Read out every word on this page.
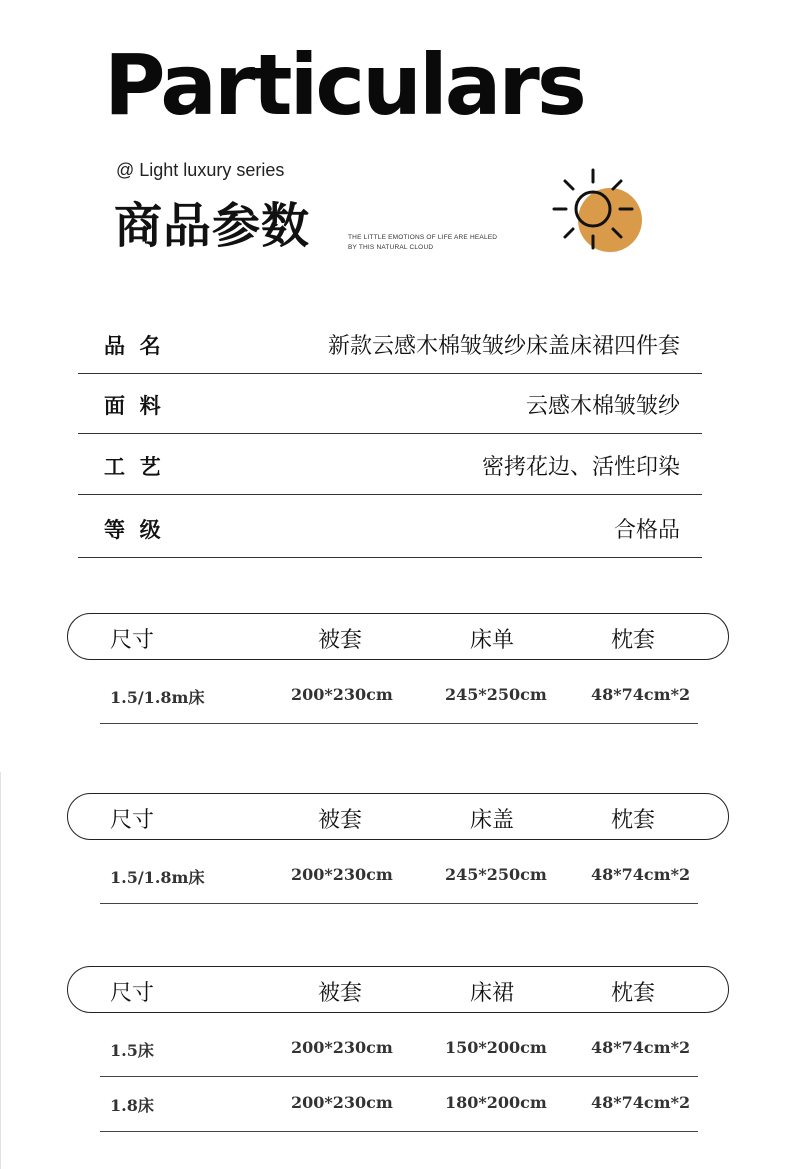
Particulars
@ Light luxury series
商品参数	THE LITTLE EMOTIONS OF LIFE ARE HEALED
BY THIS NATURAL CLOUD
品  名	新款云感木棉皱皱纱床盖床裙四件套
面  料	云感木棉皱皱纱
工  艺	密拷花边、活性印染
等  级	合格品
尺寸	被套	床单	枕套
1.5/1.8m床	200*230cm	245*250cm	48*74cm*2
尺寸	被套	床盖	枕套
1.5/1.8m床	200*230cm	245*250cm	48*74cm*2
尺寸	被套	床裙	枕套
1.5床	200*230cm	150*200cm	48*74cm*2
1.8床	200*230cm	180*200cm	48*74cm*2
